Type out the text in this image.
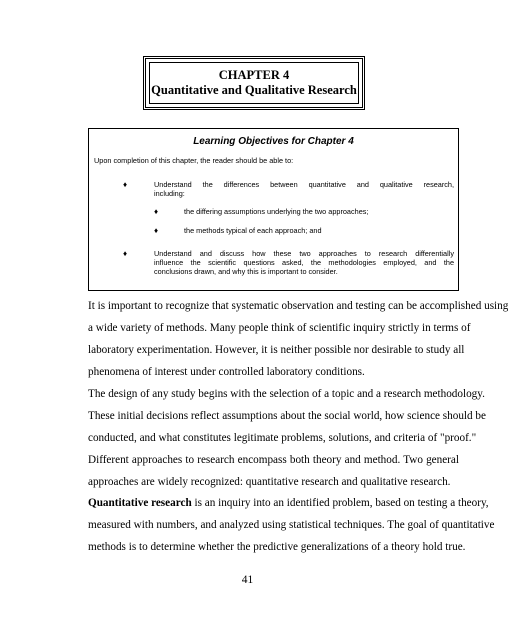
CHAPTER 4
Quantitative and Qualitative Research
Learning Objectives for Chapter 4
Upon completion of this chapter, the reader should be able to:
♦	Understand the differences between quantitative and qualitative research,
including:
♦	the differing assumptions underlying the two approaches;
♦	the methods typical of each approach; and
♦	Understand and discuss how these two approaches to research differentially
influence the scientific questions asked, the methodologies employed, and the
conclusions drawn, and why this is important to consider.
It is important to recognize that systematic observation and testing can be accomplished using
a wide variety of methods. Many people think of scientific inquiry strictly in terms of
laboratory experimentation. However, it is neither possible nor desirable to study all
phenomena of interest under controlled laboratory conditions.
The design of any study begins with the selection of a topic and a research methodology.
These initial decisions reflect assumptions about the social world, how science should be
conducted, and what constitutes legitimate problems, solutions, and criteria of "proof."
Different approaches to research encompass both theory and method. Two general
approaches are widely recognized: quantitative research and qualitative research.
Quantitative research is an inquiry into an identified problem, based on testing a theory,
measured with numbers, and analyzed using statistical techniques. The goal of quantitative
methods is to determine whether the predictive generalizations of a theory hold true.
41
